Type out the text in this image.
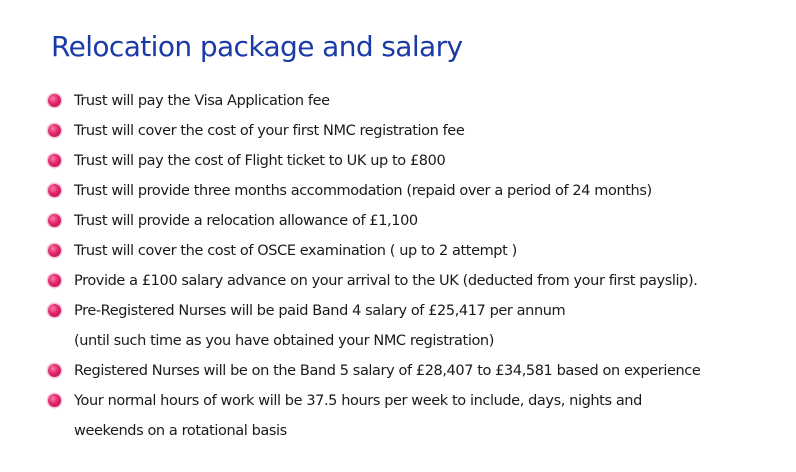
Relocation package and salary
Trust will pay the Visa Application fee
Trust will cover the cost of your first NMC registration fee
Trust will pay the cost of Flight ticket to UK up to £800
Trust will provide three months accommodation (repaid over a period of 24 months)
Trust will provide a relocation allowance of £1,100
Trust will cover the cost of OSCE examination ( up to 2 attempt )
Provide a £100 salary advance on your arrival to the UK (deducted from your first payslip).
Pre-Registered Nurses will be paid Band 4 salary of £25,417 per annum
(until such time as you have obtained your NMC registration)
Registered Nurses will be on the Band 5 salary of £28,407 to £34,581 based on experience
Your normal hours of work will be 37.5 hours per week to include, days, nights and
weekends on a rotational basis
